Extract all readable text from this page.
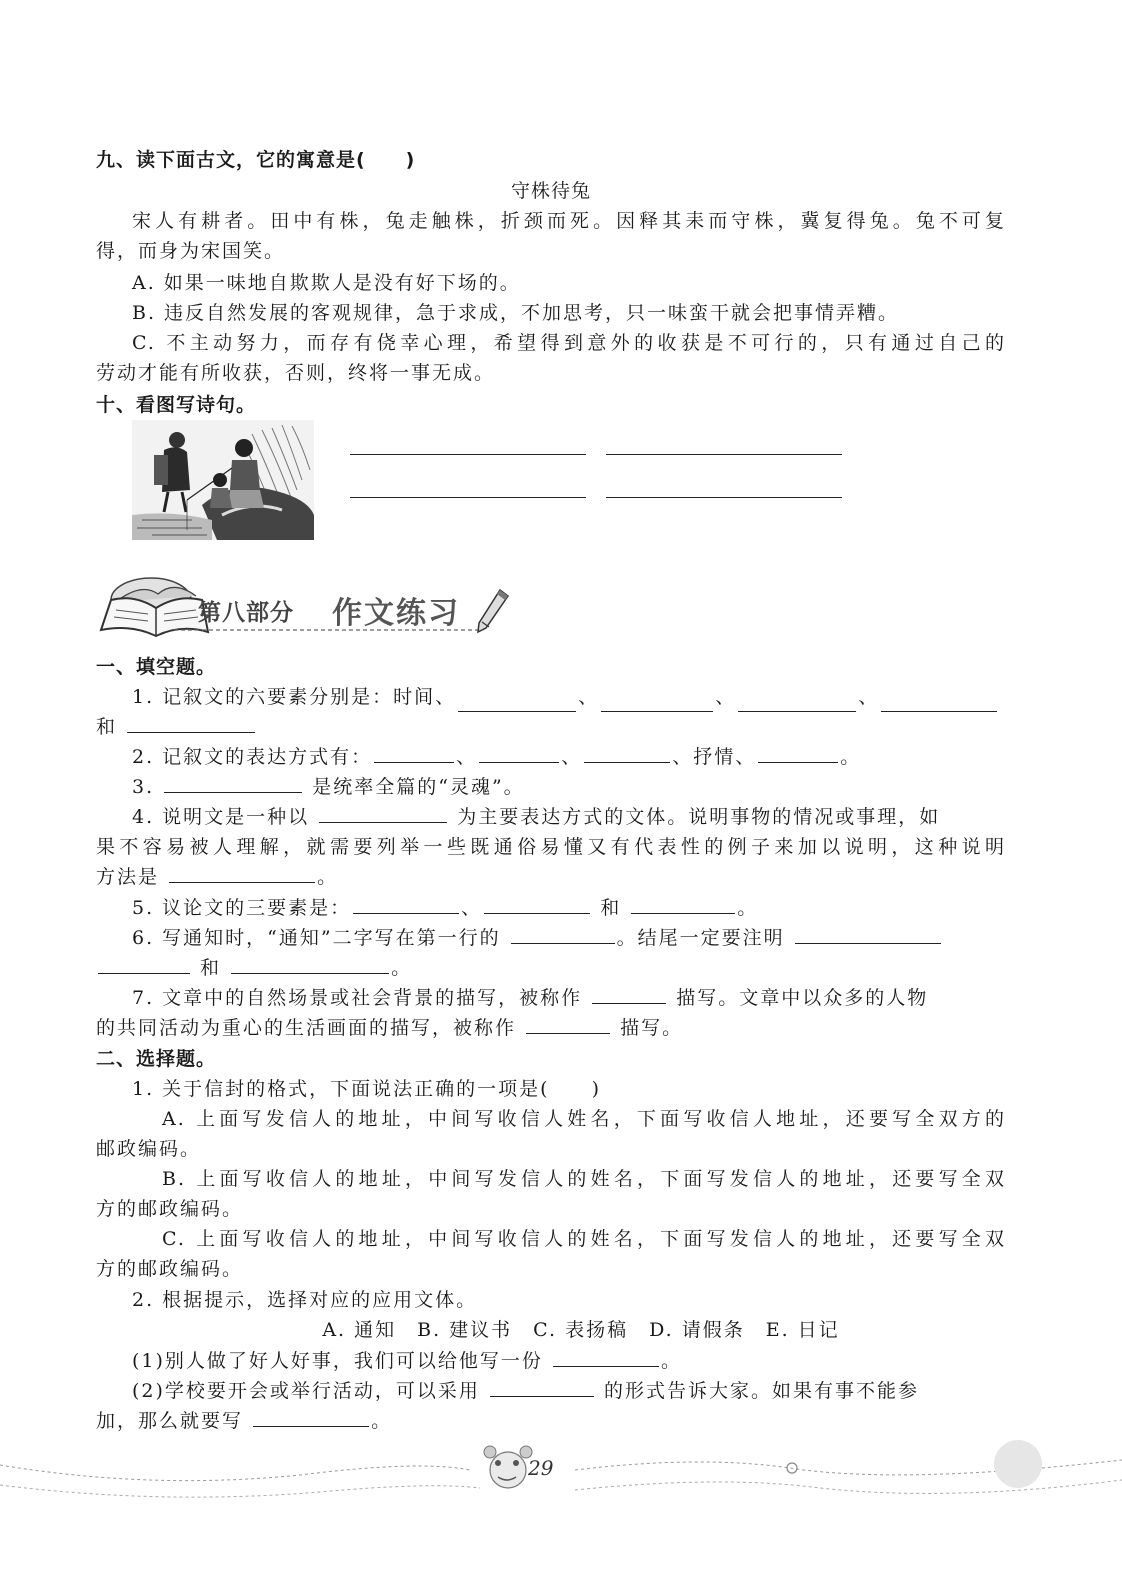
九、读下面古文，它的寓意是(　　)
守株待兔
宋人有耕者。田中有株，兔走触株，折颈而死。因释其耒而守株，冀复得兔。兔不可复
得，而身为宋国笑。
A. 如果一味地自欺欺人是没有好下场的。
B. 违反自然发展的客观规律，急于求成，不加思考，只一味蛮干就会把事情弄糟。
C. 不主动努力，而存有侥幸心理，希望得到意外的收获是不可行的，只有通过自己的
劳动才能有所收获，否则，终将一事无成。
十、看图写诗句。
第八部分 作文练习
一、填空题。
1. 记叙文的六要素分别是：时间、	、	、	、
和
2. 记叙文的表达方式有：	、	、	、抒情、	。
3.	是统率全篇的“灵魂”。
4. 说明文是一种以	为主要表达方式的文体。说明事物的情况或事理，如
果不容易被人理解，就需要列举一些既通俗易懂又有代表性的例子来加以说明，这种说明
方法是	。
5. 议论文的三要素是：	、	和	。
6. 写通知时，“通知”二字写在第一行的	。结尾一定要注明
和	。
7. 文章中的自然场景或社会背景的描写，被称作	描写。文章中以众多的人物
的共同活动为重心的生活画面的描写，被称作	描写。
二、选择题。
1. 关于信封的格式，下面说法正确的一项是(　　)
A. 上面写发信人的地址，中间写收信人姓名，下面写收信人地址，还要写全双方的
邮政编码。
B. 上面写收信人的地址，中间写发信人的姓名，下面写发信人的地址，还要写全双
方的邮政编码。
C. 上面写收信人的地址，中间写收信人的姓名，下面写发信人的地址，还要写全双
方的邮政编码。
2. 根据提示，选择对应的应用文体。
A. 通知　B. 建议书　C. 表扬稿　D. 请假条　E. 日记
(1)别人做了好人好事，我们可以给他写一份	。
(2)学校要开会或举行活动，可以采用	的形式告诉大家。如果有事不能参
加，那么就要写	。
29
